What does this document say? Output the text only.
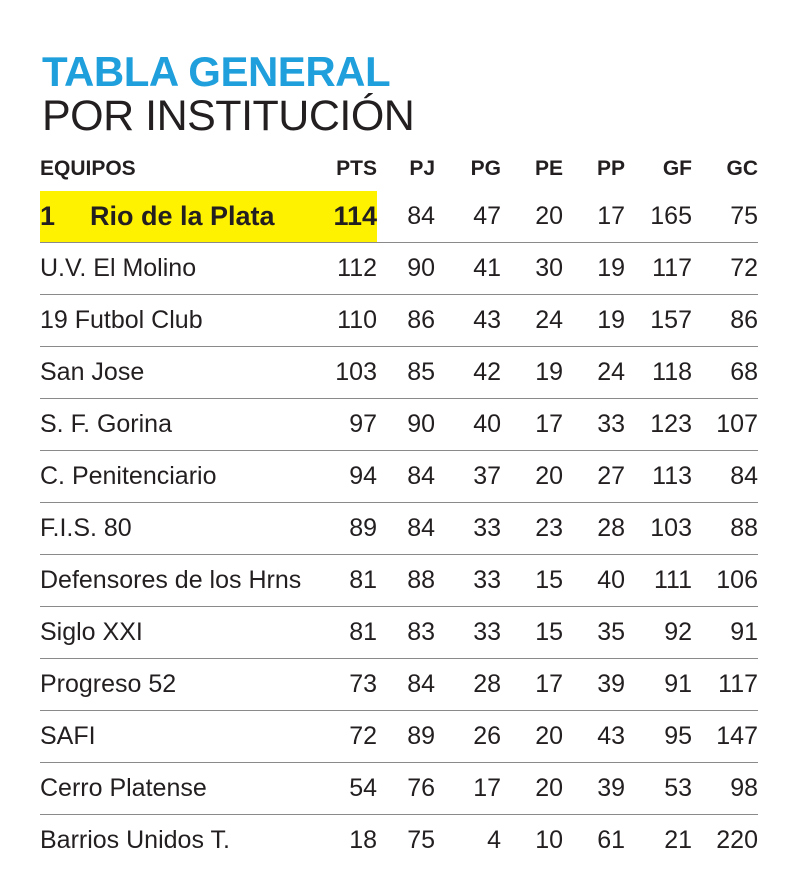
TABLA GENERAL
POR INSTITUCIÓN
EQUIPOS	PTS	PJ	PG	PE	PP	GF	GC
1 Rio de la Plata	114	84	47	20	17	165	75
U.V. El Molino	112	90	41	30	19	117	72
19 Futbol Club	110	86	43	24	19	157	86
San Jose	103	85	42	19	24	118	68
S. F. Gorina	97	90	40	17	33	123	107
C. Penitenciario	94	84	37	20	27	113	84
F.I.S. 80	89	84	33	23	28	103	88
Defensores de los Hrns	81	88	33	15	40	111	106
Siglo XXI	81	83	33	15	35	92	91
Progreso 52	73	84	28	17	39	91	117
SAFI	72	89	26	20	43	95	147
Cerro Platense	54	76	17	20	39	53	98
Barrios Unidos T.	18	75	4	10	61	21	220
